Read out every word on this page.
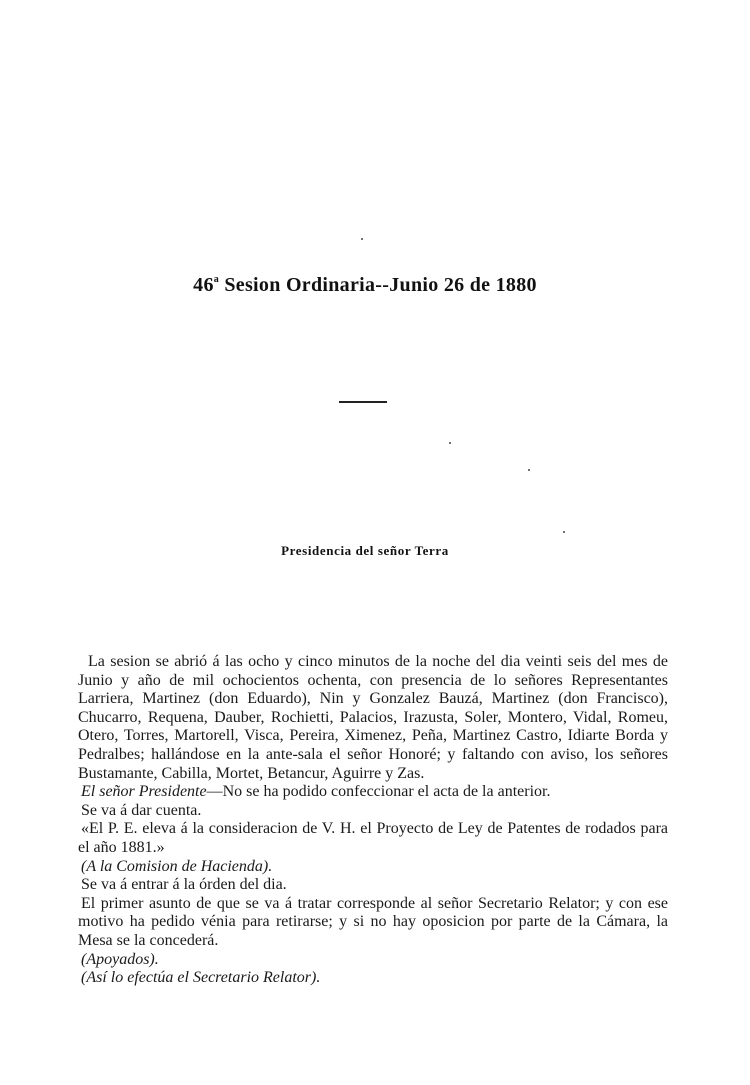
46$^a$ Sesion Ordinaria--Junio 26 de 1880
Presidencia del señor Terra

La sesion se abrió á las ocho y cinco minutos de la noche del dia veinti seis del mes de Junio y año de mil ochocientos ochenta, con presencia de lo señores Representantes Larriera, Martinez (don Eduardo), Nin y Gonzalez Bauzá, Martinez (don Francisco), Chucarro, Requena, Dauber, Rochietti, Palacios, Irazusta, Soler, Montero, Vidal, Romeu, Otero, Torres, Martorell, Visca, Pereira, Ximenez, Peña, Martinez Castro, Idiarte Borda y Pedralbes; hallándose en la ante-sala el señor Honoré; y faltando con aviso, los señores Bustamante, Cabilla, Mortet, Betancur, Aguirre y Zas.

El señor Presidente—No se ha podido confeccionar el acta de la anterior.

Se va á dar cuenta.

«El P. E. eleva á la consideracion de V. H. el Proyecto de Ley de Patentes de rodados para el año 1881.»

(A la Comision de Hacienda).

Se va á entrar á la órden del dia.

El primer asunto de que se va á tratar corresponde al señor Secretario Relator; y con ese motivo ha pedido vénia para retirarse; y si no hay oposicion por parte de la Cámara, la Mesa se la concederá.

(Apoyados).

(Así lo efectúa el Secretario Relator).
